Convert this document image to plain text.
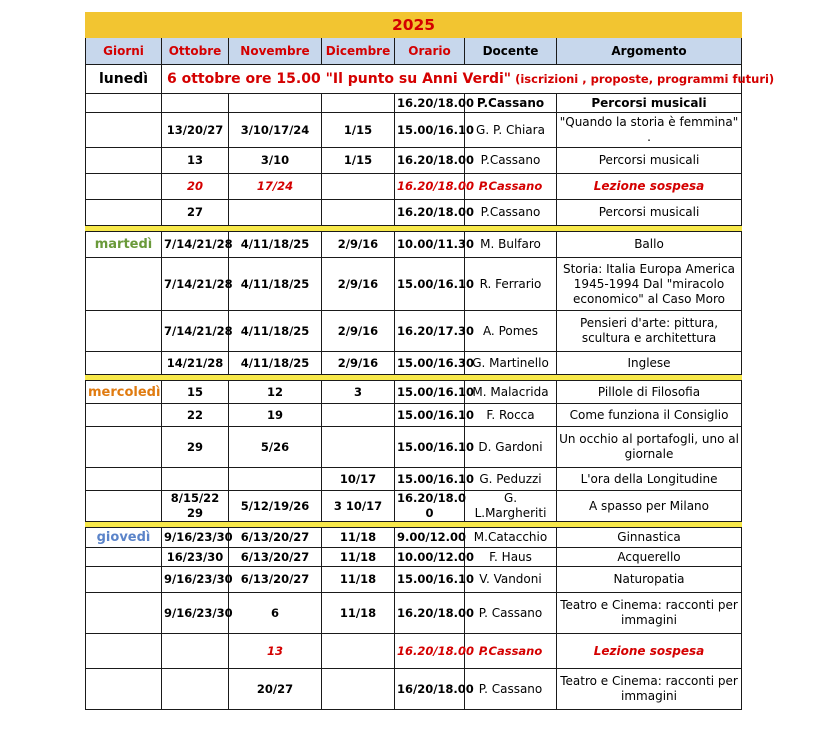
2025						
Giorni	Ottobre	Novembre	Dicembre	Orario	Docente	Argomento
lunedì	6 ottobre ore 15.00 "Il punto su Anni Verdi" (iscrizioni , proposte, programmi futuri)					
				16.20/18.00	P.Cassano	Percorsi musicali
	13/20/27	3/10/17/24	1/15	15.00/16.10	G. P. Chiara	"Quando la storia è femmina" .
	13	3/10	1/15	16.20/18.00	P.Cassano	Percorsi musicali
	20	17/24		16.20/18.00	P.Cassano	Lezione sospesa
	27			16.20/18.00	P.Cassano	Percorsi musicali

martedì	7/14/21/28	4/11/18/25	2/9/16	10.00/11.30	M. Bulfaro	Ballo
	7/14/21/28	4/11/18/25	2/9/16	15.00/16.10	R. Ferrario	Storia: Italia Europa America 1945-1994 Dal "miracolo economico" al Caso Moro
	7/14/21/28	4/11/18/25	2/9/16	16.20/17.30	A. Pomes	Pensieri d'arte: pittura, scultura e architettura
	14/21/28	4/11/18/25	2/9/16	15.00/16.30	G. Martinello	Inglese

mercoledì	15	12	3	15.00/16.10	M. Malacrida	Pillole di Filosofia
	22	19		15.00/16.10	F. Rocca	Come funziona il Consiglio
	29	5/26		15.00/16.10	D. Gardoni	Un occhio al portafogli, uno al giornale
			10/17	15.00/16.10	G. Peduzzi	L'ora della Longitudine
	8/15/22 29	5/12/19/26	3 10/17	16.20/18.0 0	G. L.Margheriti	A spasso per Milano

giovedì	9/16/23/30	6/13/20/27	11/18	9.00/12.00	M.Catacchio	Ginnastica
	16/23/30	6/13/20/27	11/18	10.00/12.00	F. Haus	Acquerello
	9/16/23/30	6/13/20/27	11/18	15.00/16.10	V. Vandoni	Naturopatia
	9/16/23/30	6	11/18	16.20/18.00	P. Cassano	Teatro e Cinema: racconti per immagini
		13		16.20/18.00	P.Cassano	Lezione sospesa
		20/27		16/20/18.00	P. Cassano	Teatro e Cinema: racconti per immagini
